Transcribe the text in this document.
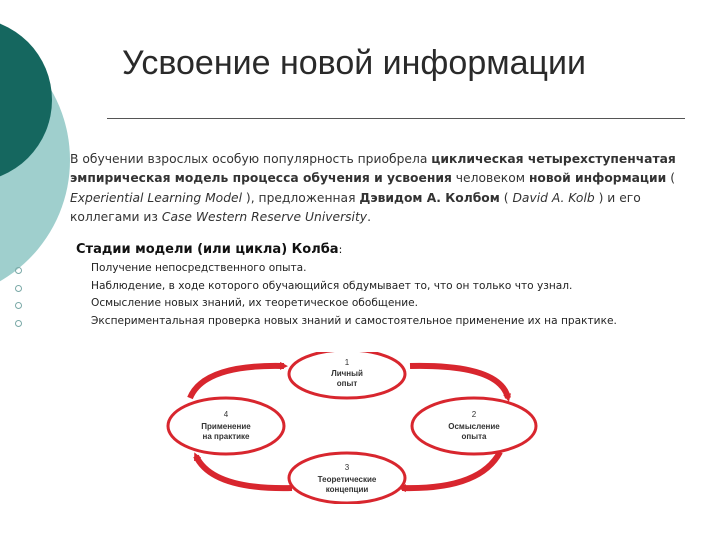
Усвоение новой информации
В обучении взрослых особую популярность приобрела циклическая четырехступенчатая эмпирическая модель процесса обучения и усвоения человеком новой информации ( Experiential Learning Model ), предложенная Дэвидом А. Колбом ( David A. Kolb ) и его коллегами из Case Western Reserve University.
Стадии модели (или цикла) Колба:
Получение непосредственного опыта.
Наблюдение, в ходе которого обучающийся обдумывает то, что он только что узнал.
Осмысление новых знаний, их теоретическое обобщение.
Экспериментальная проверка новых знаний и самостоятельное применение их на практике.
1
Личный
опыт
2
Осмысление
опыта
3
Теоретические
концепции
4
Применение
на практике
